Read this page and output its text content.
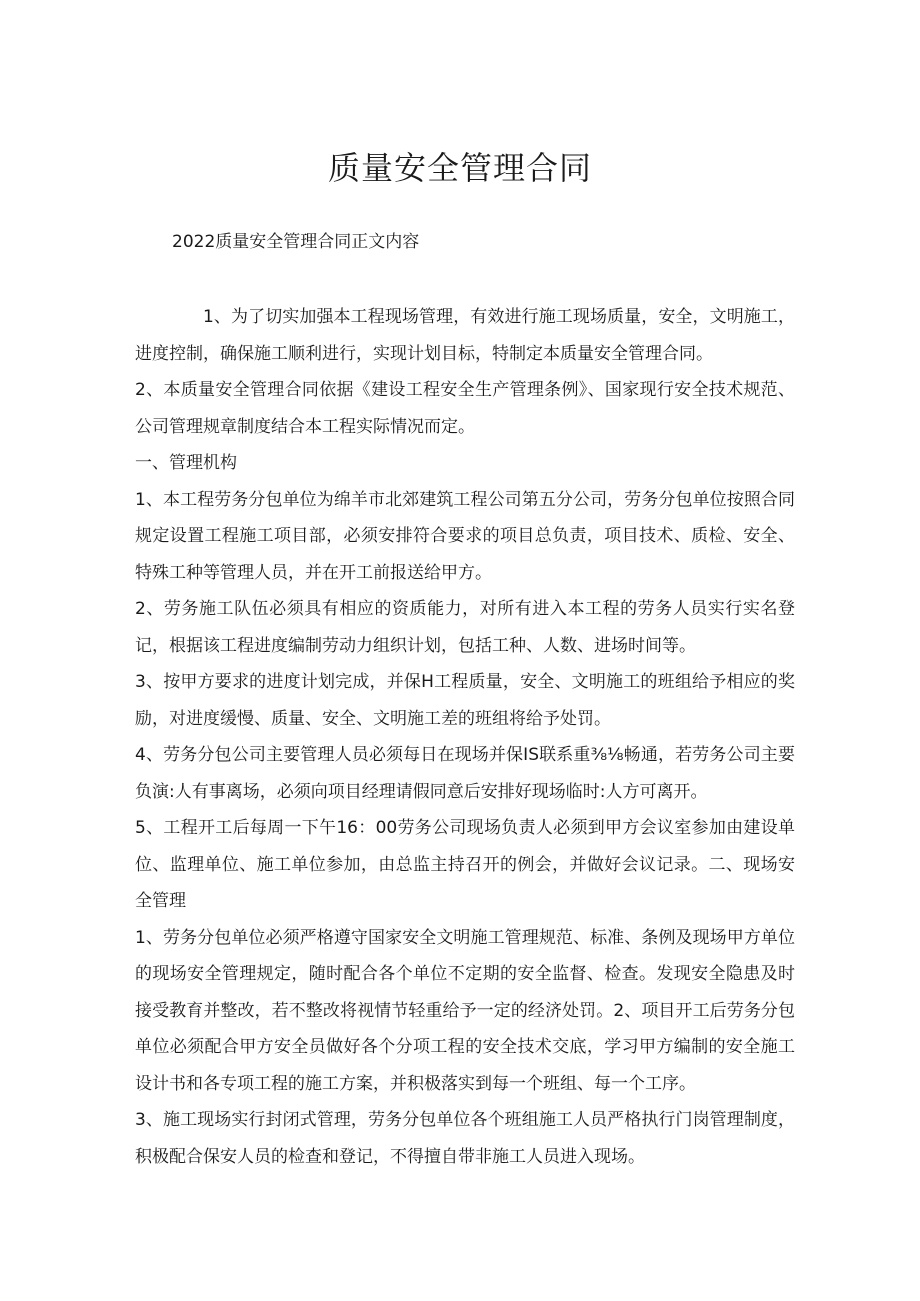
质量安全管理合同

2022质量安全管理合同正文内容

1、为了切实加强本工程现场管理，有效进行施工现场质量，安全，文明施工，进度控制，确保施工顺利进行，实现计划目标，特制定本质量安全管理合同。

2、本质量安全管理合同依据《建设工程安全生产管理条例》、国家现行安全技术规范、公司管理规章制度结合本工程实际情况而定。

一、管理机构

1、本工程劳务分包单位为绵羊市北郊建筑工程公司第五分公司，劳务分包单位按照合同规定设置工程施工项目部，必须安排符合要求的项目总负责，项目技术、质检、安全、特殊工种等管理人员，并在开工前报送给甲方。

2、劳务施工队伍必须具有相应的资质能力，对所有进入本工程的劳务人员实行实名登记，根据该工程进度编制劳动力组织计划，包括工种、人数、进场时间等。

3、按甲方要求的进度计划完成，并保H工程质量，安全、文明施工的班组给予相应的奖励，对进度缓慢、质量、安全、文明施工差的班组将给予处罚。

4、劳务分包公司主要管理人员必须每日在现场并保IS联系重⅜⅛畅通，若劳务公司主要负演:人有事离场，必须向项目经理请假同意后安排好现场临时:人方可离开。

5、工程开工后每周一下午16：00劳务公司现场负责人必须到甲方会议室参加由建设单位、监理单位、施工单位参加，由总监主持召开的例会，并做好会议记录。二、现场安全管理

1、劳务分包单位必须严格遵守国家安全文明施工管理规范、标准、条例及现场甲方单位的现场安全管理规定，随时配合各个单位不定期的安全监督、检查。发现安全隐患及时接受教育并整改，若不整改将视情节轻重给予一定的经济处罚。2、项目开工后劳务分包单位必须配合甲方安全员做好各个分项工程的安全技术交底，学习甲方编制的安全施工设计书和各专项工程的施工方案，并积极落实到每一个班组、每一个工序。

3、施工现场实行封闭式管理，劳务分包单位各个班组施工人员严格执行门岗管理制度，积极配合保安人员的检查和登记，不得擅自带非施工人员进入现场。
